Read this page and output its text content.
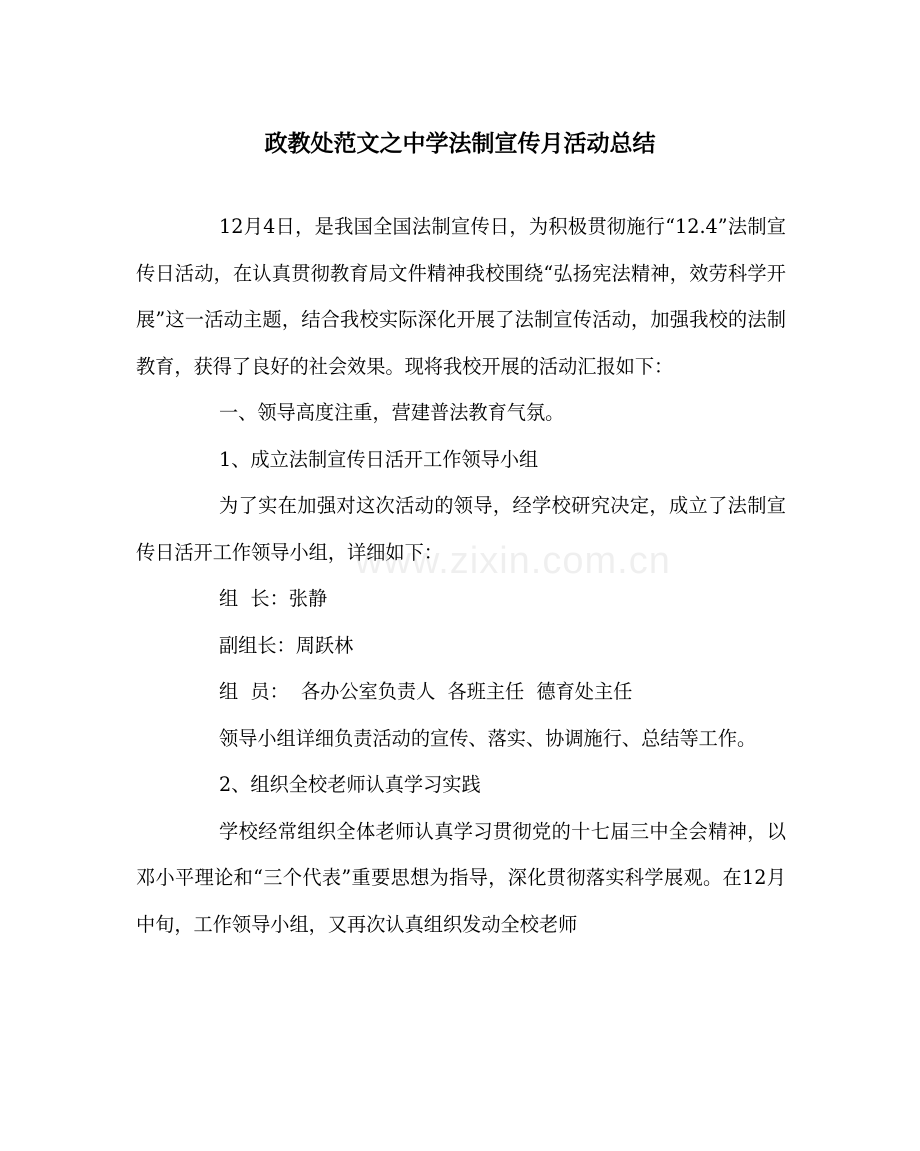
政教处范文之中学法制宣传月活动总结

12月4日，是我国全国法制宣传日，为积极贯彻施行“12.4”法制宣传日活动，在认真贯彻教育局文件精神我校围绕“弘扬宪法精神，效劳科学开展”这一活动主题，结合我校实际深化开展了法制宣传活动，加强我校的法制教育，获得了良好的社会效果。现将我校开展的活动汇报如下：

一、领导高度注重，营建普法教育气氛。

1、成立法制宣传日活开工作领导小组

为了实在加强对这次活动的领导，经学校研究决定，成立了法制宣传日活开工作领导小组，详细如下：

组  长：张静

副组长：周跃林

组  员：  各办公室负责人  各班主任  德育处主任

领导小组详细负责活动的宣传、落实、协调施行、总结等工作。

2、组织全校老师认真学习实践

学校经常组织全体老师认真学习贯彻党的十七届三中全会精神，以邓小平理论和“三个代表”重要思想为指导，深化贯彻落实科学展观。在12月中旬，工作领导小组，又再次认真组织发动全校老师

www.zixin.com.cn
